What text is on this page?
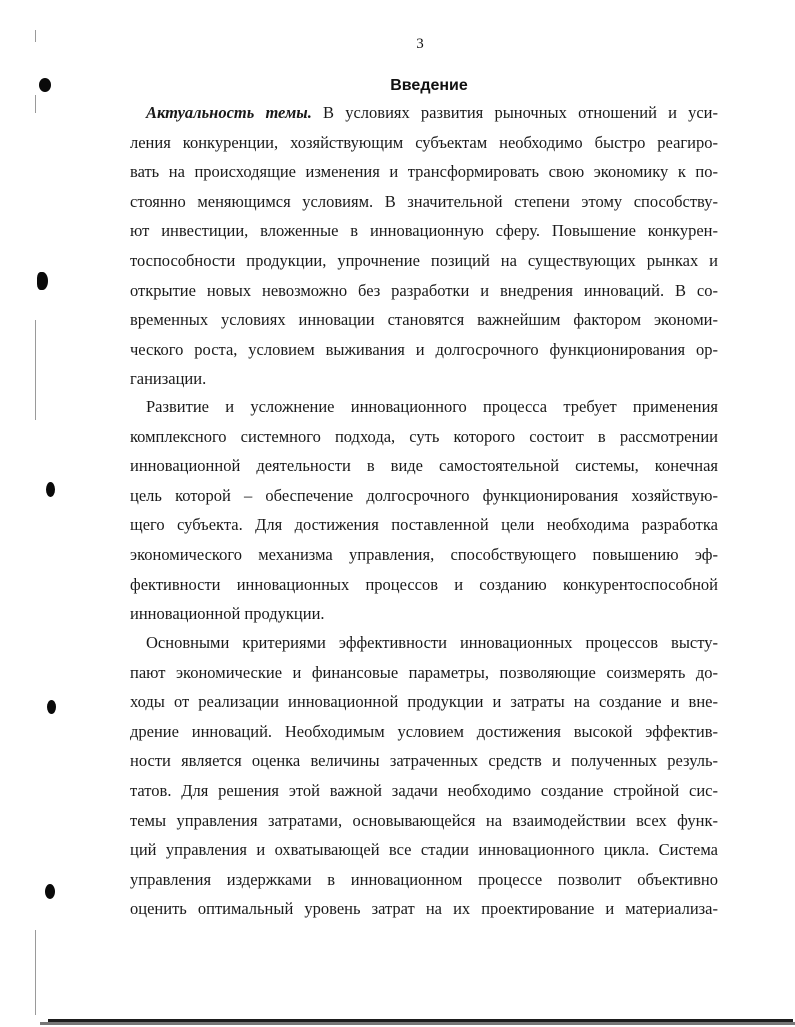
3
Введение
Актуальность темы. В условиях развития рыночных отношений и уси-
ления конкуренции, хозяйствующим субъектам необходимо быстро реагиро-
вать на происходящие изменения и трансформировать свою экономику к по-
стоянно меняющимся условиям. В значительной степени этому способству-
ют инвестиции, вложенные в инновационную сферу. Повышение конкурен-
тоспособности продукции, упрочнение позиций на существующих рынках и
открытие новых невозможно без разработки и внедрения инноваций. В со-
временных условиях инновации становятся важнейшим фактором экономи-
ческого роста, условием выживания и долгосрочного функционирования ор-
ганизации.
Развитие и усложнение инновационного процесса требует применения
комплексного системного подхода, суть которого состоит в рассмотрении
инновационной деятельности в виде самостоятельной системы, конечная
цель которой – обеспечение долгосрочного функционирования хозяйствую-
щего субъекта. Для достижения поставленной цели необходима разработка
экономического механизма управления, способствующего повышению эф-
фективности инновационных процессов и созданию конкурентоспособной
инновационной продукции.
Основными критериями эффективности инновационных процессов высту-
пают экономические и финансовые параметры, позволяющие соизмерять до-
ходы от реализации инновационной продукции и затраты на создание и вне-
дрение инноваций. Необходимым условием достижения высокой эффектив-
ности является оценка величины затраченных средств и полученных резуль-
татов. Для решения этой важной задачи необходимо создание стройной сис-
темы управления затратами, основывающейся на взаимодействии всех функ-
ций управления и охватывающей все стадии инновационного цикла. Система
управления издержками в инновационном процессе позволит объективно
оценить оптимальный уровень затрат на их проектирование и материализа-
